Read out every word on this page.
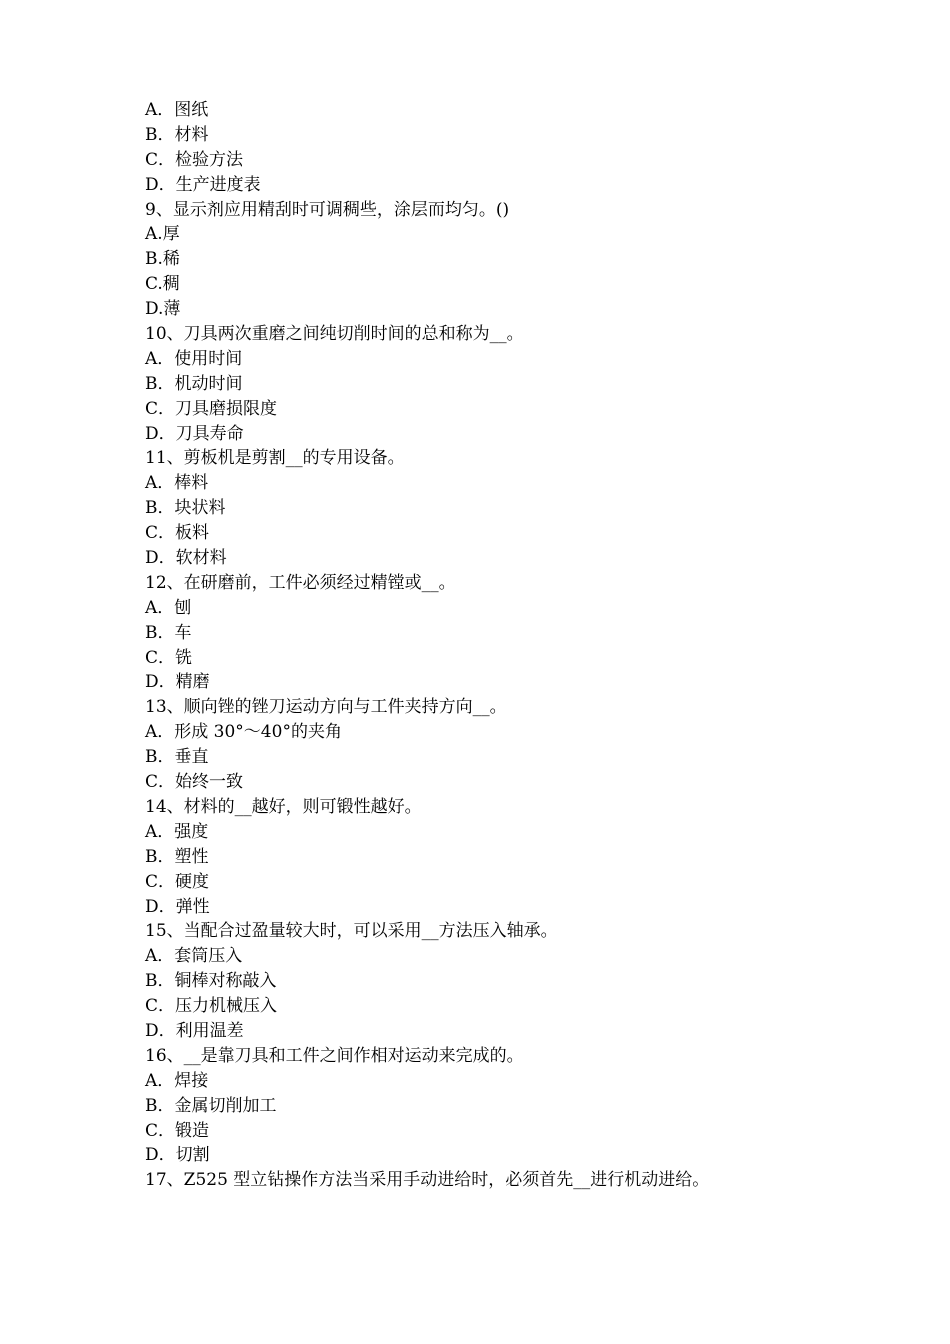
A．图纸
B．材料
C．检验方法
D．生产进度表
9、显示剂应用精刮时可调稠些，涂层而均匀。()
A.厚
B.稀
C.稠
D.薄
10、刀具两次重磨之间纯切削时间的总和称为__。
A．使用时间
B．机动时间
C．刀具磨损限度
D．刀具寿命
11、剪板机是剪割__的专用设备。
A．棒料
B．块状料
C．板料
D．软材料
12、在研磨前，工件必须经过精镗或__。
A．刨
B．车
C．铣
D．精磨
13、顺向锉的锉刀运动方向与工件夹持方向__。
A．形成 30°～40°的夹角
B．垂直
C．始终一致
14、材料的__越好，则可锻性越好。
A．强度
B．塑性
C．硬度
D．弹性
15、当配合过盈量较大时，可以采用__方法压入轴承。
A．套筒压入
B．铜棒对称敲入
C．压力机械压入
D．利用温差
16、__是靠刀具和工件之间作相对运动来完成的。
A．焊接
B．金属切削加工
C．锻造
D．切割
17、Z525 型立钻操作方法当采用手动进给时，必须首先__进行机动进给。
